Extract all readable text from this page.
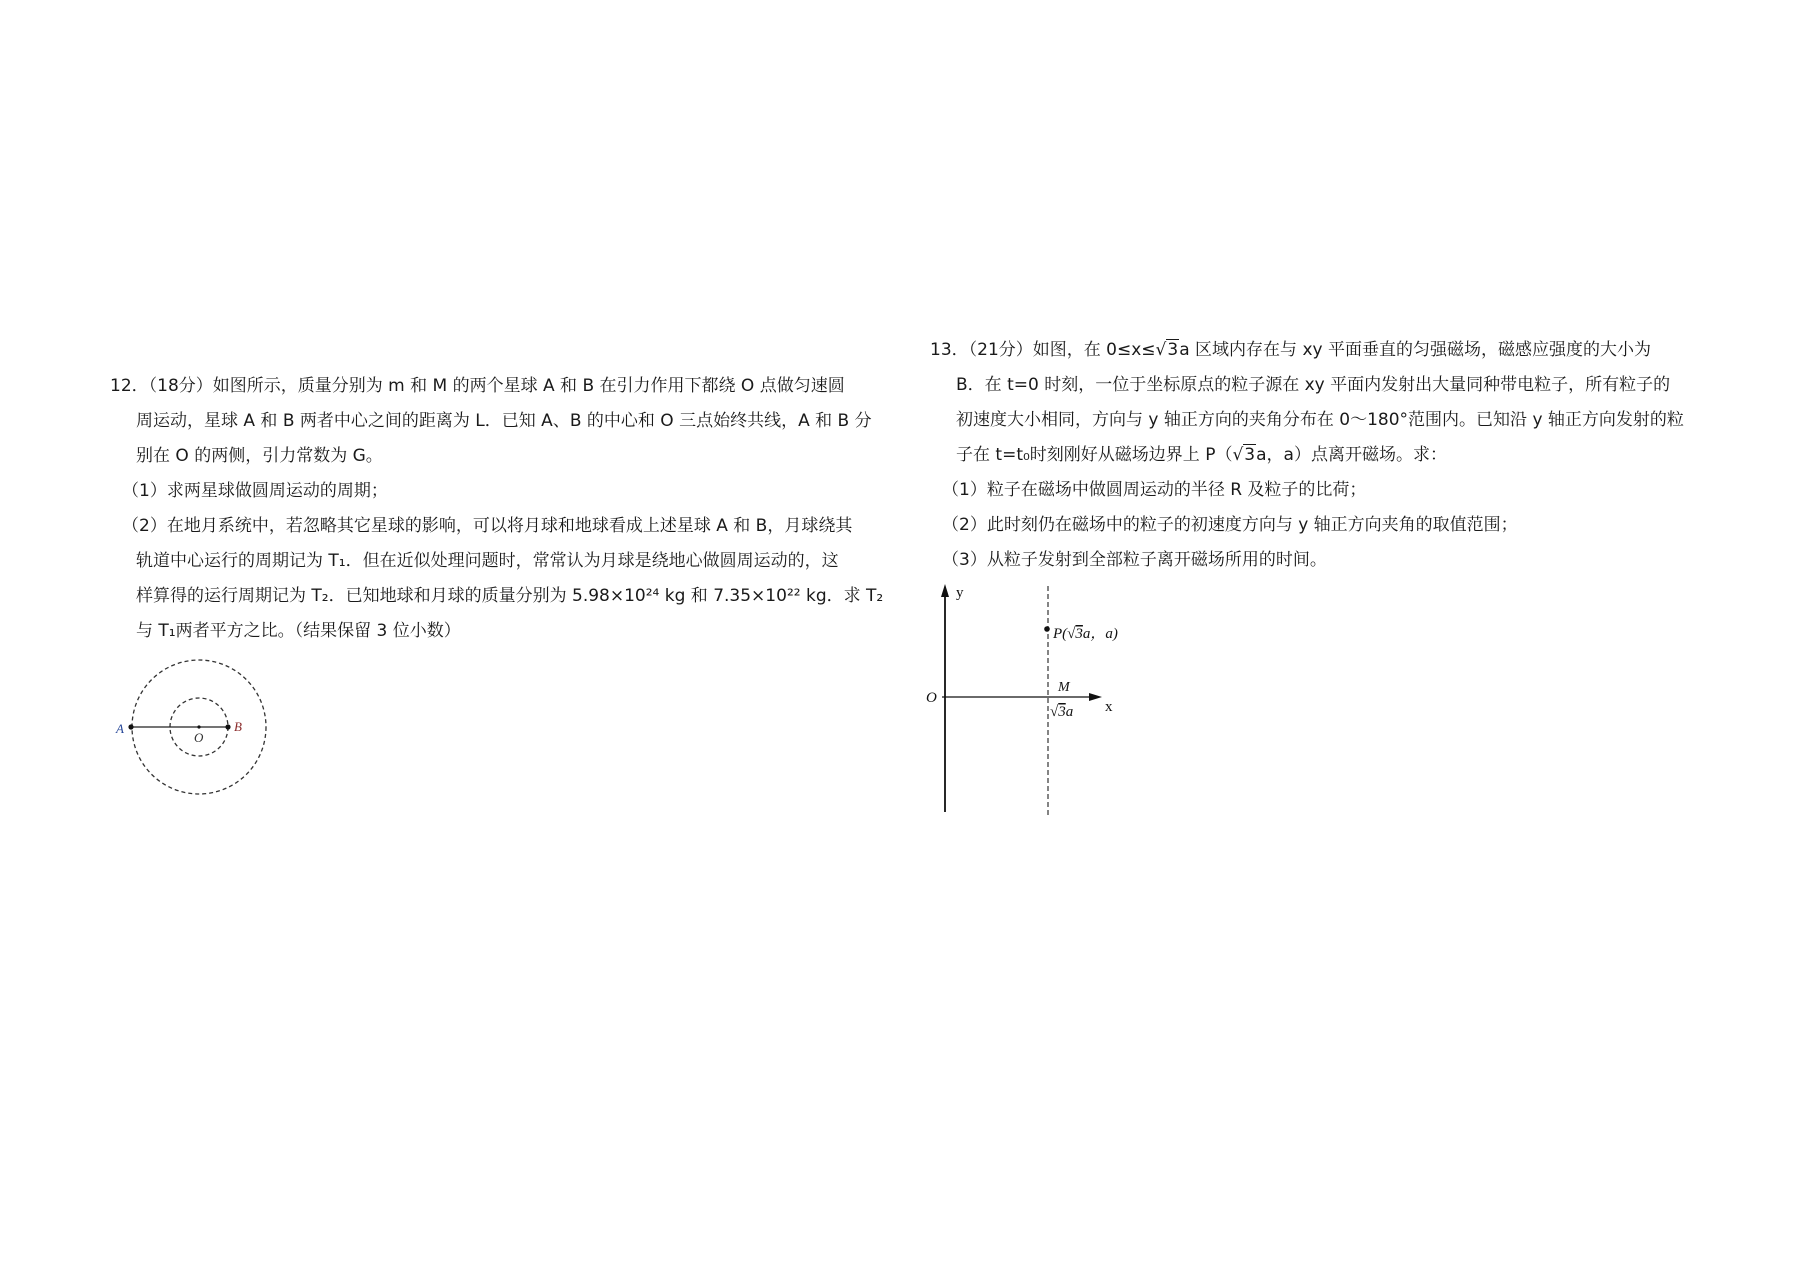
12．（18分）如图所示，质量分别为 m 和 M 的两个星球 A 和 B 在引力作用下都绕 O 点做匀速圆
周运动，星球 A 和 B 两者中心之间的距离为 L．已知 A、B 的中心和 O 三点始终共线，A 和 B 分
别在 O 的两侧，引力常数为 G。
（1）求两星球做圆周运动的周期；
（2）在地月系统中，若忽略其它星球的影响，可以将月球和地球看成上述星球 A 和 B，月球绕其
轨道中心运行的周期记为 T₁．但在近似处理问题时，常常认为月球是绕地心做圆周运动的，这
样算得的运行周期记为 T₂．已知地球和月球的质量分别为 5.98×10²⁴ kg 和 7.35×10²² kg．求 T₂
与 T₁两者平方之比。（结果保留 3 位小数）
A
O
B
13．（21分）如图，在 0≤x≤√3a 区域内存在与 xy 平面垂直的匀强磁场，磁感应强度的大小为
B．在 t=0 时刻，一位于坐标原点的粒子源在 xy 平面内发射出大量同种带电粒子，所有粒子的
初速度大小相同，方向与 y 轴正方向的夹角分布在 0～180°范围内。已知沿 y 轴正方向发射的粒
子在 t=t₀时刻刚好从磁场边界上 P（√3a，a）点离开磁场。求：
（1）粒子在磁场中做圆周运动的半径 R 及粒子的比荷；
（2）此时刻仍在磁场中的粒子的初速度方向与 y 轴正方向夹角的取值范围；
（3）从粒子发射到全部粒子离开磁场所用的时间。
y
x
O
P(√3a，a)
M
√3a
